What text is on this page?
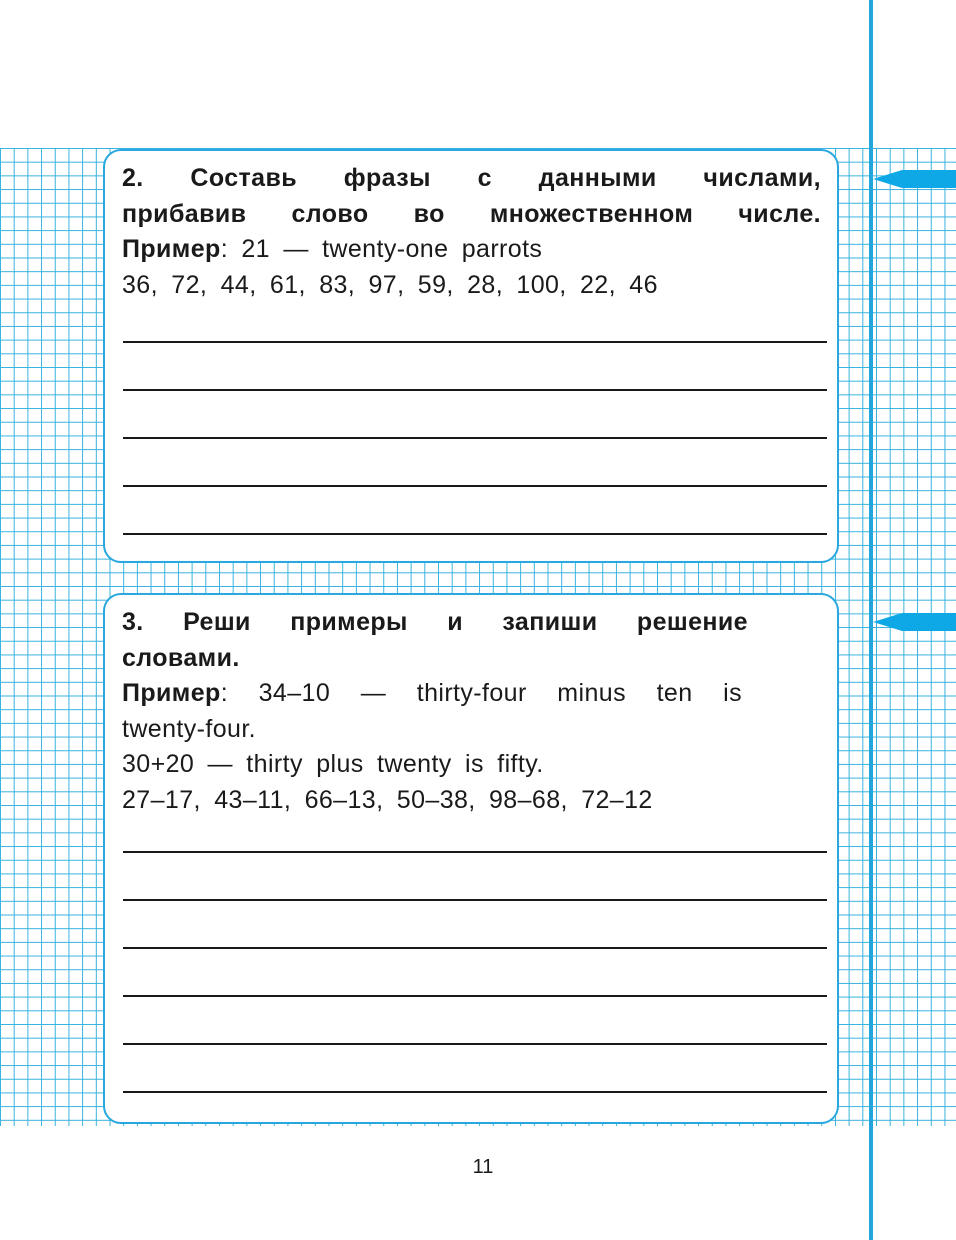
2. Составь фразы с данными числами,

прибавив слово во множественном числе.

Пример: 21 — twenty-one parrots

36, 72, 44, 61, 83, 97, 59, 28, 100, 22, 46

3. Реши примеры и запиши решение

словами.

Пример: 34–10 — thirty-four minus ten is

twenty-four.

30+20 — thirty plus twenty is fifty.

27–17, 43–11, 66–13, 50–38, 98–68, 72–12

11
